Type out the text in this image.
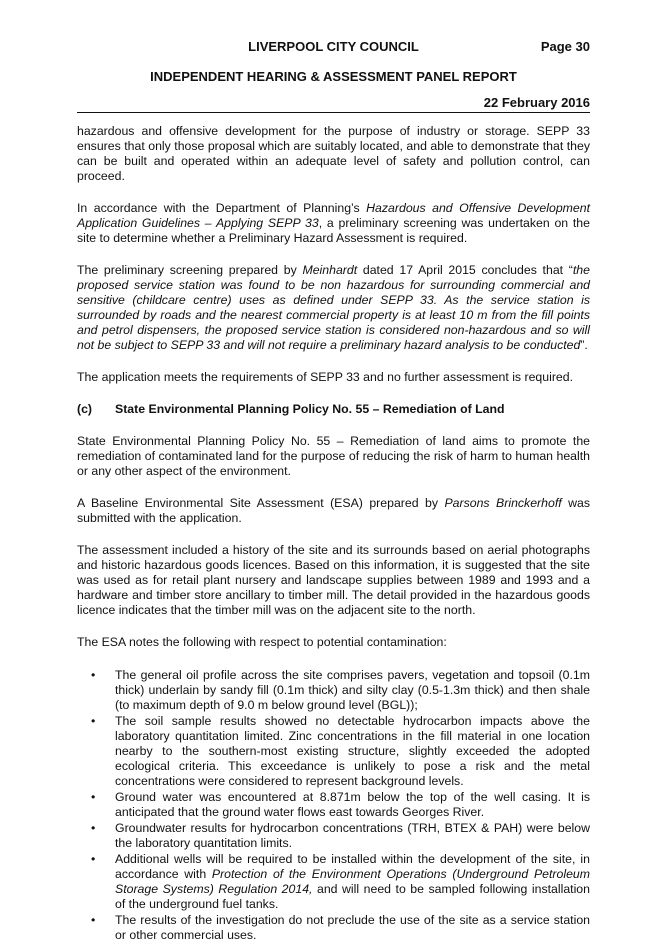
LIVERPOOL CITY COUNCIL	Page 30
INDEPENDENT HEARING & ASSESSMENT PANEL REPORT
22 February 2016

hazardous and offensive development for the purpose of industry or storage. SEPP 33 ensures that only those proposal which are suitably located, and able to demonstrate that they can be built and operated within an adequate level of safety and pollution control, can proceed.

In accordance with the Department of Planning’s Hazardous and Offensive Development Application Guidelines – Applying SEPP 33, a preliminary screening was undertaken on the site to determine whether a Preliminary Hazard Assessment is required.

The preliminary screening prepared by Meinhardt dated 17 April 2015 concludes that “the proposed service station was found to be non hazardous for surrounding commercial and sensitive (childcare centre) uses as defined under SEPP 33. As the service station is surrounded by roads and the nearest commercial property is at least 10 m from the fill points and petrol dispensers, the proposed service station is considered non-hazardous and so will not be subject to SEPP 33 and will not require a preliminary hazard analysis to be conducted”.

The application meets the requirements of SEPP 33 and no further assessment is required.

(c) State Environmental Planning Policy No. 55 – Remediation of Land

State Environmental Planning Policy No. 55 – Remediation of land aims to promote the remediation of contaminated land for the purpose of reducing the risk of harm to human health or any other aspect of the environment.

A Baseline Environmental Site Assessment (ESA) prepared by Parsons Brinckerhoff was submitted with the application.

The assessment included a history of the site and its surrounds based on aerial photographs and historic hazardous goods licences. Based on this information, it is suggested that the site was used as for retail plant nursery and landscape supplies between 1989 and 1993 and a hardware and timber store ancillary to timber mill. The detail provided in the hazardous goods licence indicates that the timber mill was on the adjacent site to the north.

The ESA notes the following with respect to potential contamination:

• The general oil profile across the site comprises pavers, vegetation and topsoil (0.1m thick) underlain by sandy fill (0.1m thick) and silty clay (0.5-1.3m thick) and then shale (to maximum depth of 9.0 m below ground level (BGL));
• The soil sample results showed no detectable hydrocarbon impacts above the laboratory quantitation limited. Zinc concentrations in the fill material in one location nearby to the southern-most existing structure, slightly exceeded the adopted ecological criteria. This exceedance is unlikely to pose a risk and the metal concentrations were considered to represent background levels.
• Ground water was encountered at 8.871m below the top of the well casing. It is anticipated that the ground water flows east towards Georges River.
• Groundwater results for hydrocarbon concentrations (TRH, BTEX & PAH) were below the laboratory quantitation limits.
• Additional wells will be required to be installed within the development of the site, in accordance with Protection of the Environment Operations (Underground Petroleum Storage Systems) Regulation 2014, and will need to be sampled following installation of the underground fuel tanks.
• The results of the investigation do not preclude the use of the site as a service station or other commercial uses.
